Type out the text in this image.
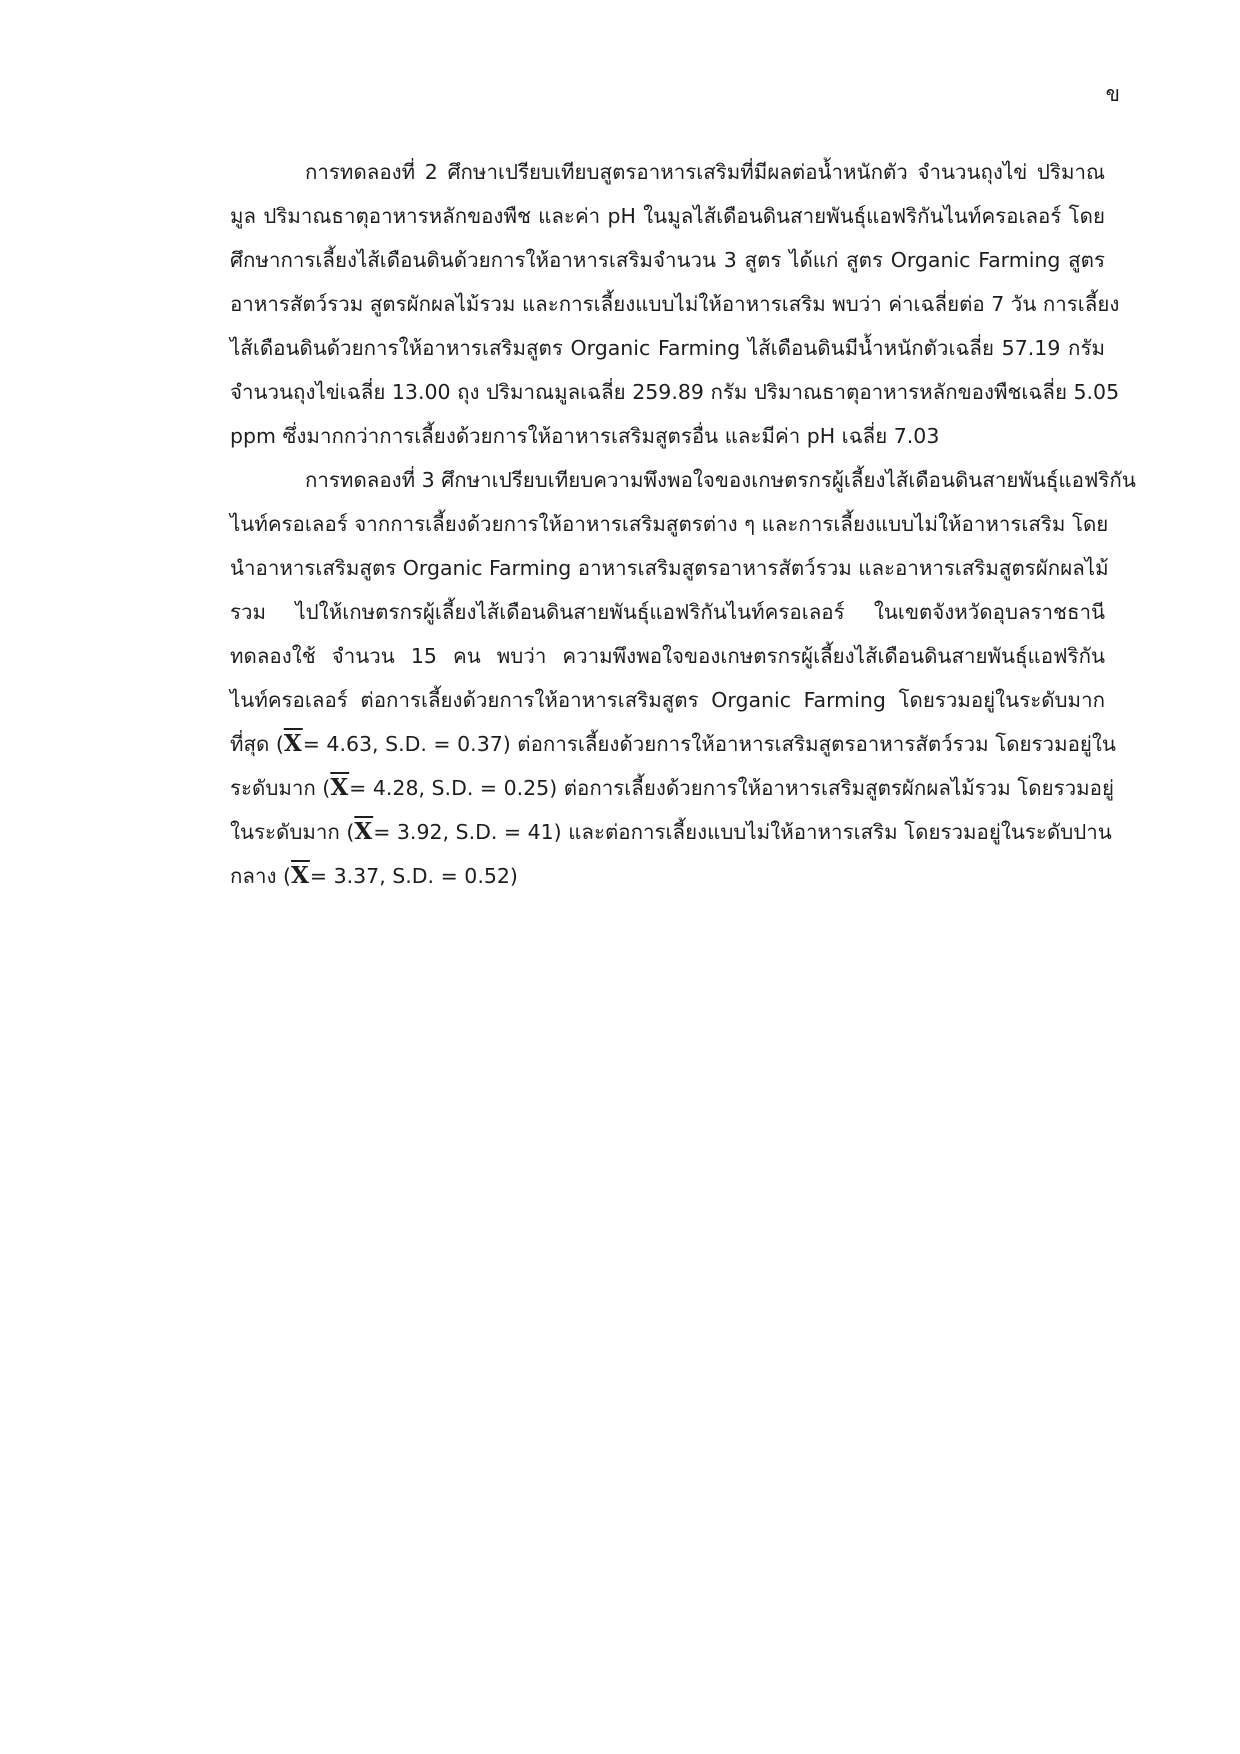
ข
การทดลองที่ 2 ศึกษาเปรียบเทียบสูตรอาหารเสริมที่มีผลต่อน้ำหนักตัว จำนวนถุงไข่ ปริมาณ
มูล ปริมาณธาตุอาหารหลักของพืช และค่า pH ในมูลไส้เดือนดินสายพันธุ์แอฟริกันไนท์ครอเลอร์ โดย
ศึกษาการเลี้ยงไส้เดือนดินด้วยการให้อาหารเสริมจำนวน 3 สูตร ได้แก่ สูตร Organic Farming สูตร
อาหารสัตว์รวม สูตรผักผลไม้รวม และการเลี้ยงแบบไม่ให้อาหารเสริม พบว่า ค่าเฉลี่ยต่อ 7 วัน การเลี้ยง
ไส้เดือนดินด้วยการให้อาหารเสริมสูตร Organic Farming ไส้เดือนดินมีน้ำหนักตัวเฉลี่ย 57.19 กรัม
จำนวนถุงไข่เฉลี่ย 13.00 ถุง ปริมาณมูลเฉลี่ย 259.89 กรัม ปริมาณธาตุอาหารหลักของพืชเฉลี่ย 5.05
ppm ซึ่งมากกว่าการเลี้ยงด้วยการให้อาหารเสริมสูตรอื่น และมีค่า pH เฉลี่ย 7.03
การทดลองที่ 3 ศึกษาเปรียบเทียบความพึงพอใจของเกษตรกรผู้เลี้ยงไส้เดือนดินสายพันธุ์แอฟริกัน
ไนท์ครอเลอร์ จากการเลี้ยงด้วยการให้อาหารเสริมสูตรต่าง ๆ และการเลี้ยงแบบไม่ให้อาหารเสริม โดย
นำอาหารเสริมสูตร Organic Farming อาหารเสริมสูตรอาหารสัตว์รวม และอาหารเสริมสูตรผักผลไม้
รวม ไปให้เกษตรกรผู้เลี้ยงไส้เดือนดินสายพันธุ์แอฟริกันไนท์ครอเลอร์ ในเขตจังหวัดอุบลราชธานี
ทดลองใช้ จำนวน 15 คน พบว่า ความพึงพอใจของเกษตรกรผู้เลี้ยงไส้เดือนดินสายพันธุ์แอฟริกัน
ไนท์ครอเลอร์ ต่อการเลี้ยงด้วยการให้อาหารเสริมสูตร Organic Farming โดยรวมอยู่ในระดับมาก
ที่สุด ($\overline{X}= 4.63$, S.D. = 0.37) ต่อการเลี้ยงด้วยการให้อาหารเสริมสูตรอาหารสัตว์รวม โดยรวมอยู่ใน
ระดับมาก ($\overline{X}= 4.28$, S.D. = 0.25) ต่อการเลี้ยงด้วยการให้อาหารเสริมสูตรผักผลไม้รวม โดยรวมอยู่
ในระดับมาก ($\overline{X}= 3.92$, S.D. = 41) และต่อการเลี้ยงแบบไม่ให้อาหารเสริม โดยรวมอยู่ในระดับปาน
กลาง ($\overline{X}= 3.37$, S.D. = 0.52)
